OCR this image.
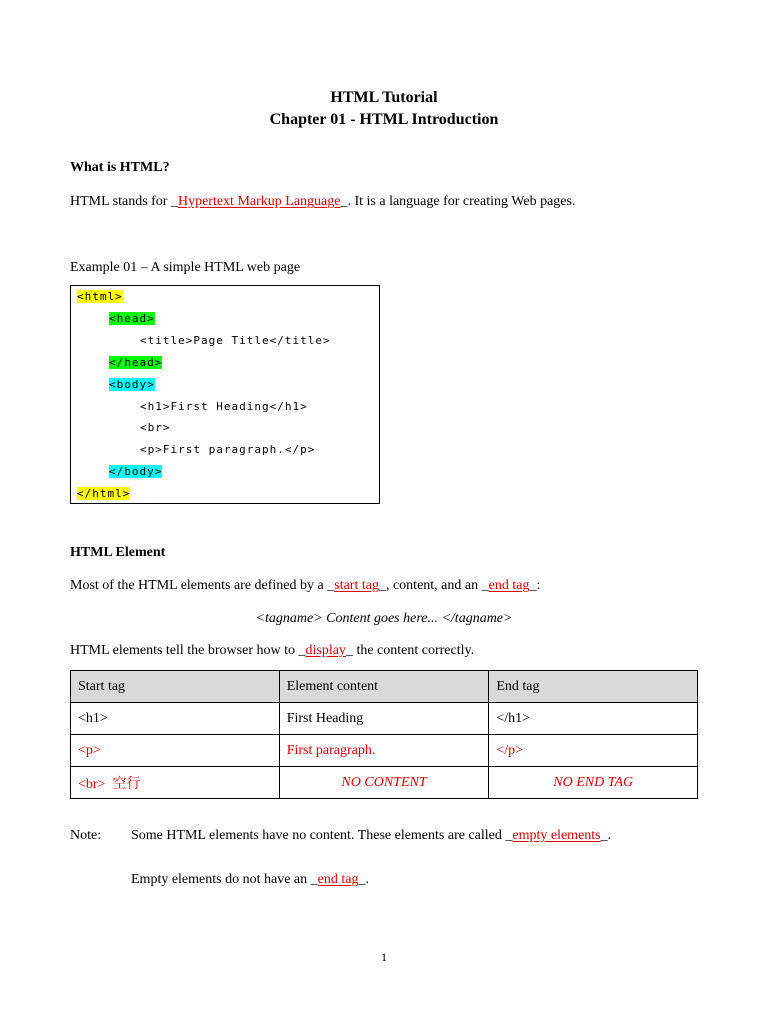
HTML Tutorial
Chapter 01 - HTML Introduction
What is HTML?
HTML stands for _Hypertext Markup Language_. It is a language for creating Web pages.
Example 01 – A simple HTML web page
<html>
<head>
<title>Page Title</title>
</head>
<body>
<h1>First Heading</h1>
<br>
<p>First paragraph.</p>
</body>
</html>
HTML Element
Most of the HTML elements are defined by a _start tag_, content, and an _end tag_:
<tagname> Content goes here... </tagname>
HTML elements tell the browser how to _display_ the content correctly.
Start tag	Element content	End tag
<h1>	First Heading	</h1>
<p>	First paragraph.	</p>
<br>  空行	NO CONTENT	NO END TAG
Note: Some HTML elements have no content. These elements are called _empty elements_.
Empty elements do not have an _end tag_.
1
